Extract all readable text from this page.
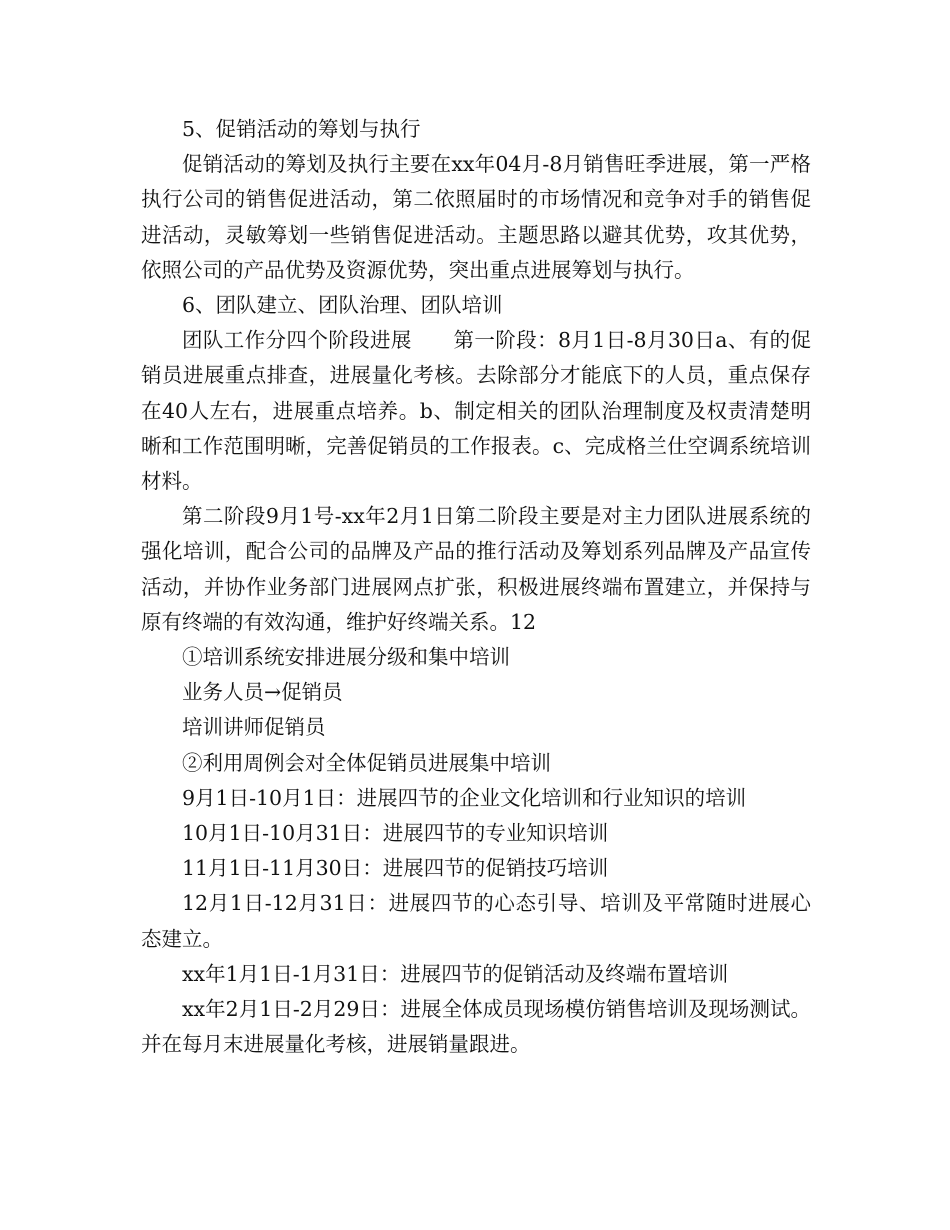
5、促销活动的筹划与执行

促销活动的筹划及执行主要在xx年04月-8月销售旺季进展，第一严格执行公司的销售促进活动，第二依照届时的市场情况和竞争对手的销售促进活动，灵敏筹划一些销售促进活动。主题思路以避其优势，攻其优势，依照公司的产品优势及资源优势，突出重点进展筹划与执行。

6、团队建立、团队治理、团队培训

团队工作分四个阶段进展　　第一阶段：8月1日-8月30日a、有的促销员进展重点排查，进展量化考核。去除部分才能底下的人员，重点保存在40人左右，进展重点培养。b、制定相关的团队治理制度及权责清楚明晰和工作范围明晰，完善促销员的工作报表。c、完成格兰仕空调系统培训材料。

第二阶段9月1号-xx年2月1日第二阶段主要是对主力团队进展系统的强化培训，配合公司的品牌及产品的推行活动及筹划系列品牌及产品宣传活动，并协作业务部门进展网点扩张，积极进展终端布置建立，并保持与原有终端的有效沟通，维护好终端关系。12

①培训系统安排进展分级和集中培训

业务人员→促销员

培训讲师促销员

②利用周例会对全体促销员进展集中培训

9月1日-10月1日：进展四节的企业文化培训和行业知识的培训

10月1日-10月31日：进展四节的专业知识培训

11月1日-11月30日：进展四节的促销技巧培训

12月1日-12月31日：进展四节的心态引导、培训及平常随时进展心态建立。

xx年1月1日-1月31日：进展四节的促销活动及终端布置培训

xx年2月1日-2月29日：进展全体成员现场模仿销售培训及现场测试。并在每月末进展量化考核，进展销量跟进。
